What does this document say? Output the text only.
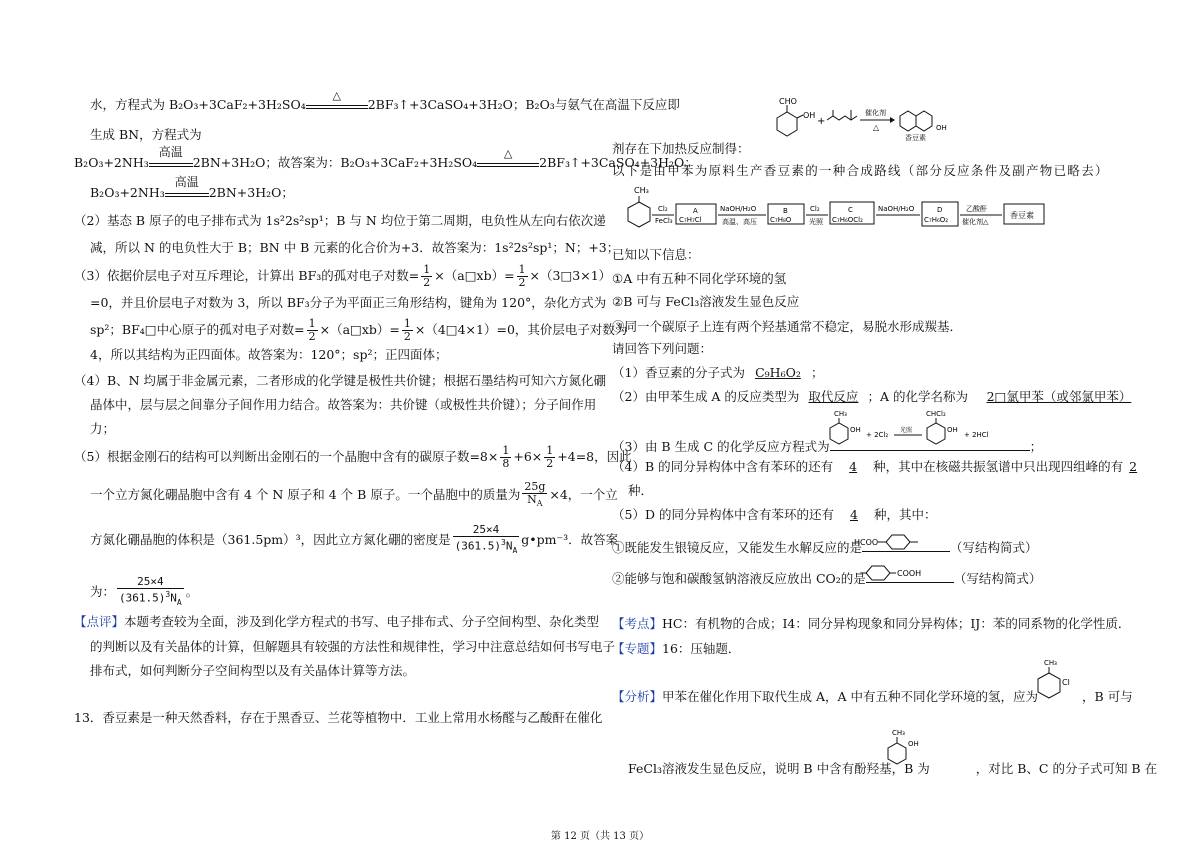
水，方程式为 B₂O₃+3CaF₂+3H₂SO₄
△
2BF₃↑+3CaSO₄+3H₂O；B₂O₃与氨气在高温下反应即
生成 BN，方程式为
B₂O₃+2NH₃
高温
2BN+3H₂O；故答案为：B₂O₃+3CaF₂+3H₂SO₄
△
2BF₃↑+3CaSO₄+3H₂O；
B₂O₃+2NH₃
高温
2BN+3H₂O；
（2）基态 B 原子的电子排布式为 1s²2s²sp¹；B 与 N 均位于第二周期，电负性从左向右依次递
减，所以 N 的电负性大于 B；BN 中 B 元素的化合价为+3．故答案为：1s²2s²sp¹；N；+3；
（3）依据价层电子对互斥理论，计算出 BF₃的孤对电子对数= $\frac{1}{2}$ ×（a□xb）= $\frac{1}{2}$ ×（3□3×1）
=0，并且价层电子对数为 3，所以 BF₃分子为平面正三角形结构，键角为 120°，杂化方式为
sp²；BF₄□中心原子的孤对电子对数= $\frac{1}{2}$ ×（a□xb）= $\frac{1}{2}$ ×（4□4×1）=0，其价层电子对数为
4，所以其结构为正四面体。故答案为：120°；sp²；正四面体；
（4）B、N 均属于非金属元素，二者形成的化学键是极性共价键；根据石墨结构可知六方氮化硼
晶体中，层与层之间靠分子间作用力结合。故答案为：共价键（或极性共价键）；分子间作用
力；
（5）根据金刚石的结构可以判断出金刚石的一个晶胞中含有的碳原子数$=8\times \frac{1}{8} +6\times \frac{1}{2} +4=8$，因此
一个立方氮化硼晶胞中含有 4 个 N 原子和 4 个 B 原子。一个晶胞中的质量为 $\frac{25g}{N_A} \times 4$，一个立
方氮化硼晶胞的体积是（361.5pm）³，因此立方氮化硼的密度是 $\frac{25\times 4}{(361.5)^3N_A}$ g•pm⁻³．故答案
为： $\frac{25\times 4}{(361.5)^3N_A}$ 。
【点评】本题考查较为全面，涉及到化学方程式的书写、电子排布式、分子空间构型、杂化类型
的判断以及有关晶体的计算，但解题具有较强的方法性和规律性，学习中注意总结如何书写电子
排布式，如何判断分子空间构型以及有关晶体计算等方法。
13．香豆素是一种天然香料，存在于黑香豆、兰花等植物中．工业上常用水杨醛与乙酸酐在催化
CHO
OH
+
催化剂
△	OH
香豆素
剂存在下加热反应制得：
以下是由甲苯为原料生产香豆素的一种合成路线（部分反应条件及副产物已略去）
CH₃
Cl₂
FeCl₃
A
C₇H₇Cl
NaOH/H₂O
高温、高压
B
C₇H₈O
Cl₂
光照
C
C₇H₆OCl₂
NaOH/H₂O	D
C₇H₆O₂
乙酸酐
催化剂△
香豆素
已知以下信息：
①A 中有五种不同化学环境的氢
②B 可与 FeCl₃溶液发生显色反应
③同一个碳原子上连有两个羟基通常不稳定，易脱水形成羰基．
请回答下列问题：
（1）香豆素的分子式为 C₉H₆O₂ ；
（2）由甲苯生成 A 的反应类型为 取代反应 ；A 的化学名称为 2□氯甲苯（或邻氯甲苯）
（3）由 B 生成 C 的化学反应方程式为	；
CH₃
OH
+ 2Cl₂
光照
CHCl₂
OH
+ 2HCl
（4）B 的同分异构体中含有苯环的还有 4 种，其中在核磁共振氢谱中只出现四组峰的有 2
种．
（5）D 的同分异构体中含有苯环的还有 4 种，其中：
①既能发生银镜反应，又能发生水解反应的是	（写结构简式）
HCOO
②能够与饱和碳酸氢钠溶液反应放出 CO₂的是	（写结构简式）
COOH
【考点】HC：有机物的合成；I4：同分异构现象和同分异构体；IJ：苯的同系物的化学性质．
【专题】16：压轴题．
【分析】甲苯在催化作用下取代生成 A，A 中有五种不同化学环境的氢，应为	，B 可与
CH₃
Cl
FeCl₃溶液发生显色反应，说明 B 中含有酚羟基，B 为	，对比 B、C 的分子式可知 B 在
CH₃
OH
第 12 页（共 13 页）
